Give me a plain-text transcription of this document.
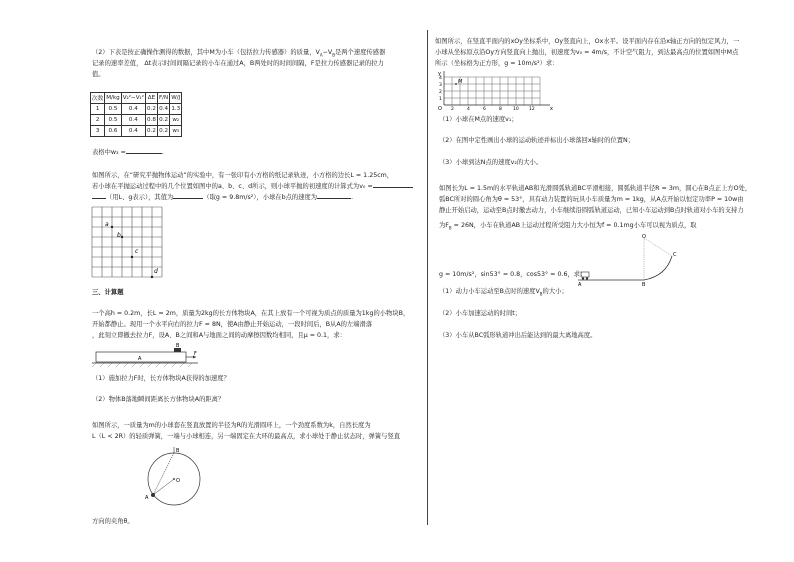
（2）下表是按正确操作测得的数据，其中M为小车（包括拉力传感器）的质量，$V_A-V_B$是两个速度传感器
记录的速率差值， Δt表示时间间隔记录的小车在通过A，B两处时的时间间隔，F是拉力传感器记录的拉力
值。
次数	M/kg	V₂²−V₁²	ΔE	F/N	W/J
1	0.5	0.4	0.2	0.4	1.3
2	0.5	0.4	0.8	0.2	w₂
3	0.6	0.4	0.2	0.2	w₃
表格中w₃ =	.
如图所示，在“研究平抛物体运动”的实验中，有一张印有小方格的纸记录轨迹，小方格的边长L = 1.25cm，
若小球在平抛运动过程中的几个位置如图中的a、b、c、d所示，则小球平抛的初速度的计算式为v₀ =
（用L、g表示），其值为	（取g = 9.8m/s²），小球在b点的速度为	.
a
b
c
d
三、计算题
一个高h = 0.2m，长L = 2m，质量为2kg的长方体物块A，在其上放有一个可视为质点的质量为1kg的小物块B，
开始都静止。现用一个水平向右的拉力F = 8N，使A由静止开始运动，一段时间后，B从A的左端滑落
，此刻立即撤去拉力F，设A、B之间和A与地面之间的动摩擦因数均相同，且μ = 0.1，求：
B
F
A
（1）施加拉力F时，长方体物块A获得的加速度？
（2）物体B落地瞬间距离长方体物块A的距离？
如图所示，一质量为m的小球套在竖直放置的半径为R的光滑圆环上，一个劲度系数为k，自然长度为
L（L < 2R）的轻质弹簧，一端与小球相连，另一端固定在大环的最高点，求小球处于静止状态时，弹簧与竖直
B
A
O
方向的夹角θ。
如图所示，在竖直平面内的xOy坐标系中，Oy竖直向上，Ox水平。设平面内存在沿x轴正方向的恒定风力，一
小球从坐标原点沿Oy方向竖直向上抛出，初速度为v₀ = 4m/s，不计空气阻力，到达最高点的位置如图中M点
所示（坐标格为正方形，g = 10m/s²）求：
M
y
4
3
2
1
O 2	4	6	8 10 12	x
（1）小球在M点的速度v₁；
（2）在图中定性画出小球的运动轨迹并标出小球落回x轴时的位置N；
（3）小球到达N点的速度v₂的大小。
如图长为L = 1.5m的水平轨道AB和光滑圆弧轨道BC平滑相接，圆弧轨道半径R = 3m，圆心在B点正上方O处，
弧BC所对的圆心角为θ = 53°，具有动力装置的玩具小车质量为m = 1kg，从A点开始以恒定功率P = 10w由
静止开始启动，运动至B点时撤去动力，小车继续沿圆弧轨道运动，已知小车运动到B点时轨道对小车的支持力
为$F_B = 26N$，小车在轨道AB上运动过程所受阻力大小恒为f = 0.1mg小车可以视为质点，取
O
C
A	B
g = 10m/s²，sin53° = 0.8，cos53° = 0.6，求：
（1）动力小车运动至B点时的速度$V_B$的大小；
（2）小车加速运动的时间t；
（3）小车从BC弧形轨道冲出后能达到的最大离地高度。
